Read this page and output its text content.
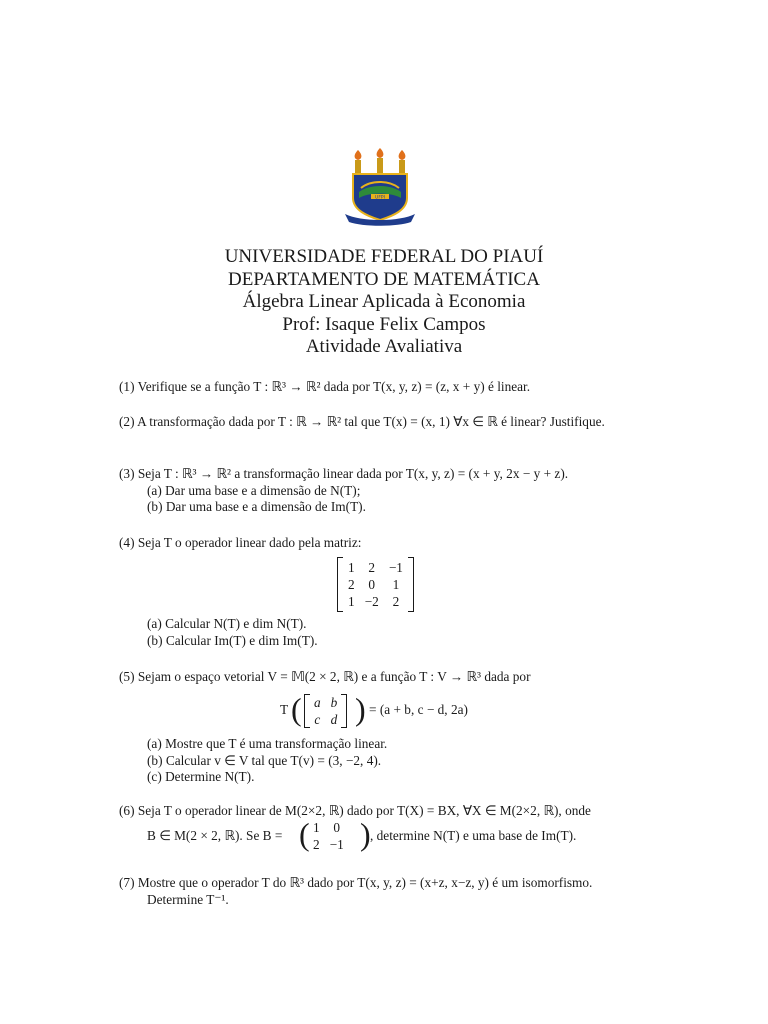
UFPI
UNIVERSIDADE FEDERAL DO PIAUÍ
DEPARTAMENTO DE MATEMÁTICA
Álgebra Linear Aplicada à Economia
Prof: Isaque Felix Campos
Atividade Avaliativa
(1) Verifique se a função T : ℝ³ → ℝ² dada por T(x, y, z) = (z, x + y) é linear.
(2) A transformação dada por T : ℝ → ℝ² tal que T(x) = (x, 1) ∀x ∈ ℝ é linear? Justifique.
(3) Seja T : ℝ³ → ℝ² a transformação linear dada por T(x, y, z) = (x + y, 2x − y + z).
(a) Dar uma base e a dimensão de N(T);
(b) Dar uma base e a dimensão de Im(T).
(4) Seja T o operador linear dado pela matriz:
1	2	−1
2	0	1
1	−2	2
(a) Calcular N(T) e dim N(T).
(b) Calcular Im(T) e dim Im(T).
(5) Sejam o espaço vetorial V = 𝕄(2 × 2, ℝ) e a função T : V → ℝ³ dada por
T ( a	b
c	d ) = (a + b, c − d, 2a)
(a) Mostre que T é uma transformação linear.
(b) Calcular v ∈ V tal que T(v) = (3, −2, 4).
(c) Determine N(T).
(6) Seja T o operador linear de M(2×2, ℝ) dado por T(X) = BX, ∀X ∈ M(2×2, ℝ), onde
B ∈ M(2 × 2, ℝ). Se B = ( 1	0
2	−1 ) , determine N(T) e uma base de Im(T).
(7) Mostre que o operador T do ℝ³ dado por T(x, y, z) = (x+z, x−z, y) é um isomorfismo.
Determine T⁻¹.
